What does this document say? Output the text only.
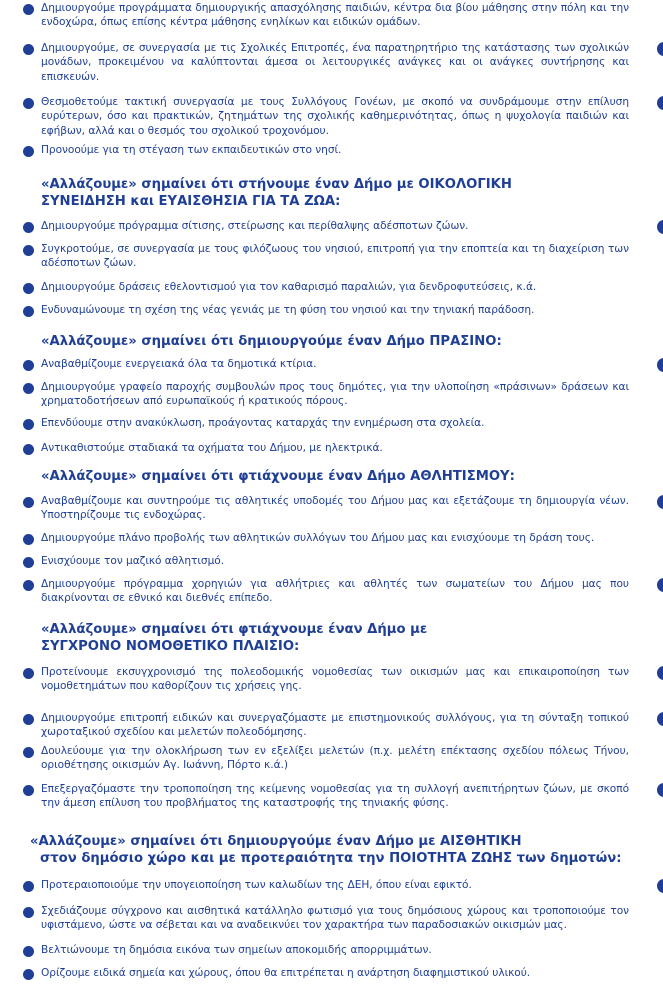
Δημιουργούμε προγράμματα δημιουργικής απασχόλησης παιδιών, κέντρα δια βίου μάθησης στην πόλη και την ενδοχώρα, όπως επίσης κέντρα μάθησης ενηλίκων και ειδικών ομάδων.
Δημιουργούμε, σε συνεργασία με τις Σχολικές Επιτροπές, ένα παρατηρητήριο της κατάστασης των σχολικών μονάδων, προκειμένου να καλύπτονται άμεσα οι λειτουργικές ανάγκες και οι ανάγκες συντήρησης και επισκευών.
Θεσμοθετούμε τακτική συνεργασία με τους Συλλόγους Γονέων, με σκοπό να συνδράμουμε στην επίλυση ευρύτερων, όσο και πρακτικών, ζητημάτων της σχολικής καθημερινότητας, όπως η ψυχολογία παιδιών και εφήβων, αλλά και ο θεσμός του σχολικού τροχονόμου.
Προνοούμε για τη στέγαση των εκπαιδευτικών στο νησί.
«Αλλάζουμε» σημαίνει ότι στήνουμε έναν Δήμο με ΟΙΚΟΛΟΓΙΚΗ
ΣΥΝΕΙΔΗΣΗ και ΕΥΑΙΣΘΗΣΙΑ ΓΙΑ ΤΑ ΖΩΑ:
Δημιουργούμε πρόγραμμα σίτισης, στείρωσης και περίθαλψης αδέσποτων ζώων.
Συγκροτούμε, σε συνεργασία με τους φιλόζωους του νησιού, επιτροπή για την εποπτεία και τη διαχείριση των αδέσποτων ζώων.
Δημιουργούμε δράσεις εθελοντισμού για τον καθαρισμό παραλιών, για δενδροφυτεύσεις, κ.ά.
Ενδυναμώνουμε τη σχέση της νέας γενιάς με τη φύση του νησιού και την τηνιακή παράδοση.
«Αλλάζουμε» σημαίνει ότι δημιουργούμε έναν Δήμο ΠΡΑΣΙΝΟ:
Αναβαθμίζουμε ενεργειακά όλα τα δημοτικά κτίρια.
Δημιουργούμε γραφείο παροχής συμβουλών προς τους δημότες, για την υλοποίηση «πράσινων» δράσεων και χρηματοδοτήσεων από ευρωπαϊκούς ή κρατικούς πόρους.
Επενδύουμε στην ανακύκλωση, προάγοντας καταρχάς την ενημέρωση στα σχολεία.
Αντικαθιστούμε σταδιακά τα οχήματα του Δήμου, με ηλεκτρικά.
«Αλλάζουμε» σημαίνει ότι φτιάχνουμε έναν Δήμο ΑΘΛΗΤΙΣΜΟΥ:
Αναβαθμίζουμε και συντηρούμε τις αθλητικές υποδομές του Δήμου μας και εξετάζουμε τη δημιουργία νέων. Υποστηρίζουμε τις ενδοχώρας.
Δημιουργούμε πλάνο προβολής των αθλητικών συλλόγων του Δήμου μας και ενισχύουμε τη δράση τους.
Ενισχύουμε τον μαζικό αθλητισμό.
Δημιουργούμε πρόγραμμα χορηγιών για αθλήτριες και αθλητές των σωματείων του Δήμου μας που διακρίνονται σε εθνικό και διεθνές επίπεδο.
«Αλλάζουμε» σημαίνει ότι φτιάχνουμε έναν Δήμο με
ΣΥΓΧΡΟΝΟ ΝΟΜΟΘΕΤΙΚΟ ΠΛΑΙΣΙΟ:
Προτείνουμε εκσυγχρονισμό της πολεοδομικής νομοθεσίας των οικισμών μας και επικαιροποίηση των νομοθετημάτων που καθορίζουν τις χρήσεις γης.
Δημιουργούμε επιτροπή ειδικών και συνεργαζόμαστε με επιστημονικούς συλλόγους, για τη σύνταξη τοπικού χωροταξικού σχεδίου και μελετών πολεοδόμησης.
Δουλεύουμε για την ολοκλήρωση των εν εξελίξει μελετών (π.χ. μελέτη επέκτασης σχεδίου πόλεως Τήνου, οριοθέτησης οικισμών Αγ. Ιωάννη, Πόρτο κ.ά.)
Επεξεργαζόμαστε την τροποποίηση της κείμενης νομοθεσίας για τη συλλογή ανεπιτήρητων ζώων, με σκοπό την άμεση επίλυση του προβλήματος της καταστροφής της τηνιακής φύσης.
«Αλλάζουμε» σημαίνει ότι δημιουργούμε έναν Δήμο με ΑΙΣΘΗΤΙΚΗ
στον δημόσιο χώρο και με προτεραιότητα την ΠΟΙΟΤΗΤΑ ΖΩΗΣ των δημοτών:
Προτεραιοποιούμε την υπογειοποίηση των καλωδίων της ΔΕΗ, όπου είναι εφικτό.
Σχεδιάζουμε σύγχρονο και αισθητικά κατάλληλο φωτισμό για τους δημόσιους χώρους και τροποποιούμε τον υφιστάμενο, ώστε να σέβεται και να αναδεικνύει τον χαρακτήρα των παραδοσιακών οικισμών μας.
Βελτιώνουμε τη δημόσια εικόνα των σημείων αποκομιδής απορριμμάτων.
Ορίζουμε ειδικά σημεία και χώρους, όπου θα επιτρέπεται η ανάρτηση διαφημιστικού υλικού.
